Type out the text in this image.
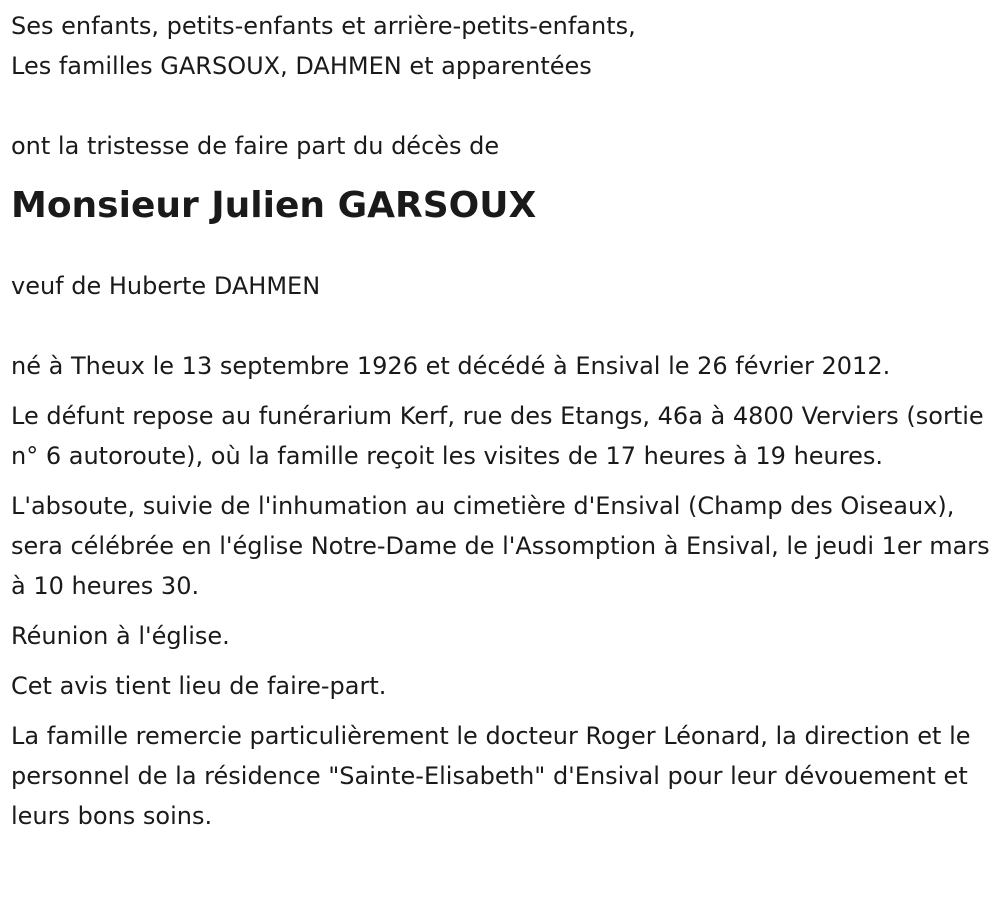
Ses enfants, petits-enfants et arrière-petits-enfants,
Les familles GARSOUX, DAHMEN et apparentées
ont la tristesse de faire part du décès de
Monsieur Julien GARSOUX
veuf de Huberte DAHMEN
né à Theux le 13 septembre 1926 et décédé à Ensival le 26 février 2012.
Le défunt repose au funérarium Kerf, rue des Etangs, 46a à 4800 Verviers (sortie n° 6 autoroute), où la famille reçoit les visites de 17 heures à 19 heures.
L'absoute, suivie de l'inhumation au cimetière d'Ensival (Champ des Oiseaux), sera célébrée en l'église Notre-Dame de l'Assomption à Ensival, le jeudi 1er mars à 10 heures 30.
Réunion à l'église.
Cet avis tient lieu de faire-part.
La famille remercie particulièrement le docteur Roger Léonard, la direction et le personnel de la résidence "Sainte-Elisabeth" d'Ensival pour leur dévouement et leurs bons soins.
